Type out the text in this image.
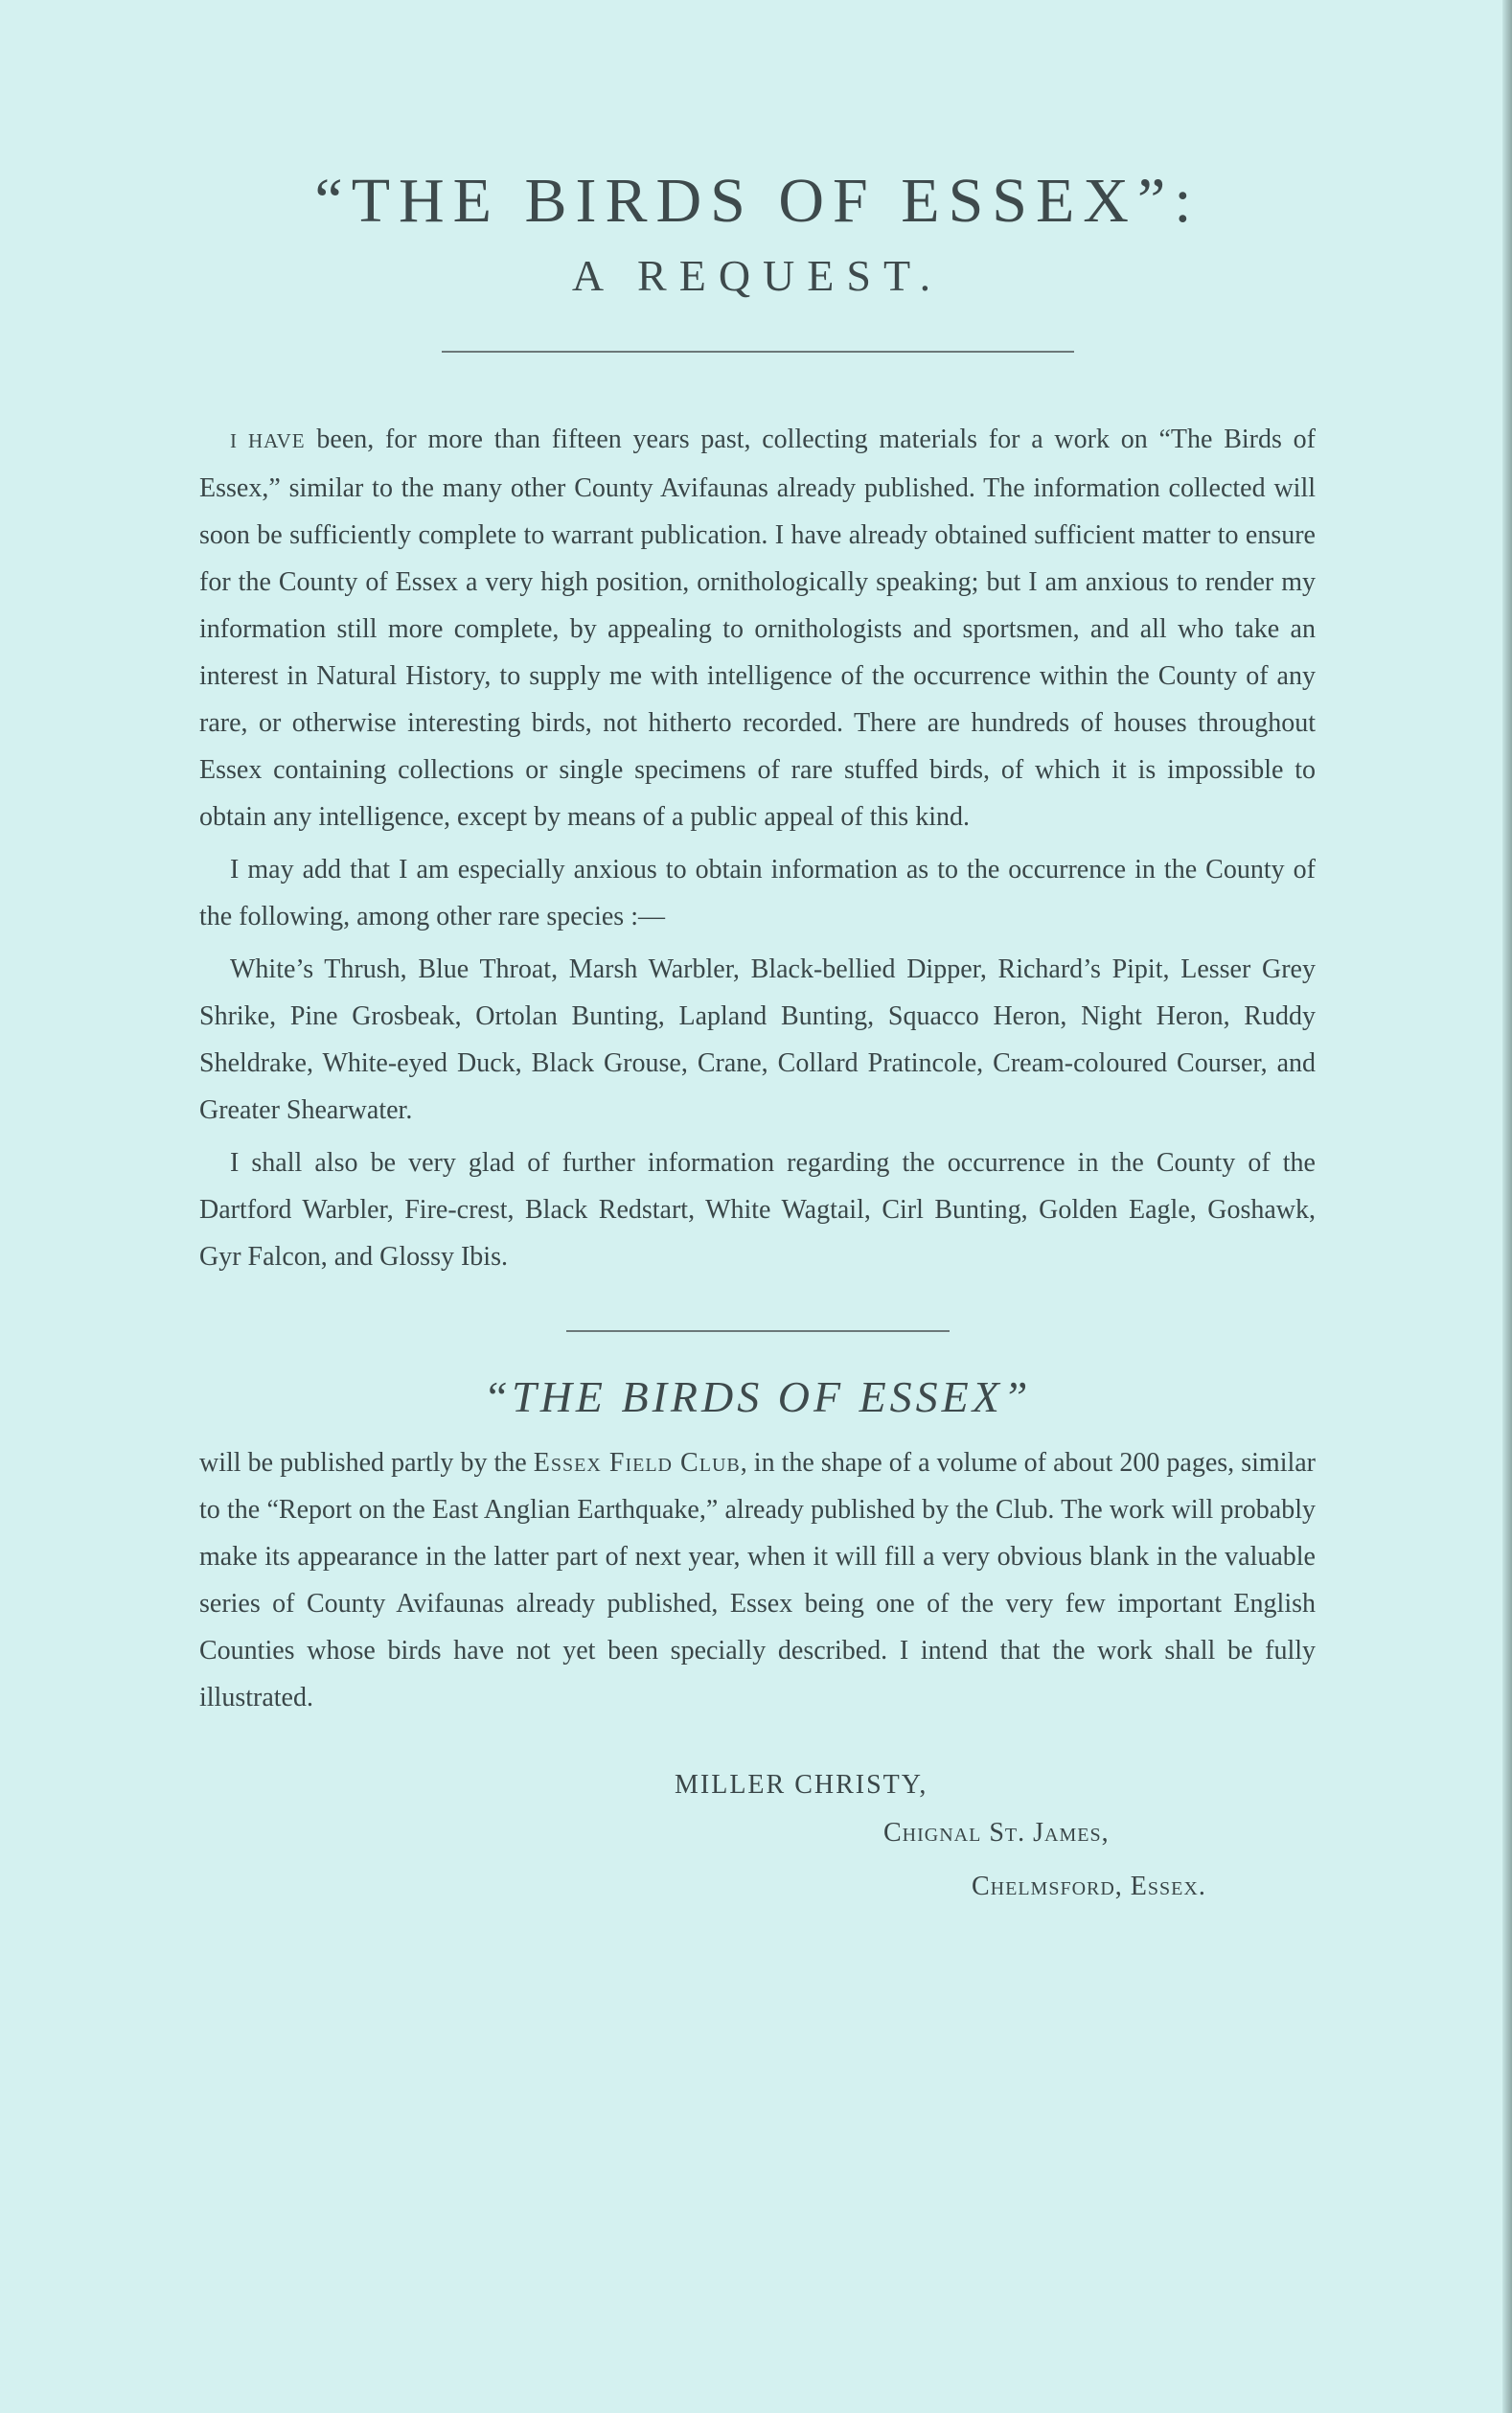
“THE BIRDS OF ESSEX”:
A REQUEST.

I HAVE been, for more than fifteen years past, collecting materials for a work on “The Birds of Essex,” similar to the many other County Avifaunas already published. The information collected will soon be sufficiently complete to warrant publication. I have already obtained sufficient matter to ensure for the County of Essex a very high position, ornithologically speaking; but I am anxious to render my information still more complete, by appealing to ornithologists and sportsmen, and all who take an interest in Natural History, to supply me with intelligence of the occurrence within the County of any rare, or otherwise interesting birds, not hitherto recorded. There are hundreds of houses throughout Essex containing collections or single specimens of rare stuffed birds, of which it is impossible to obtain any intelligence, except by means of a public appeal of this kind.

I may add that I am especially anxious to obtain information as to the occurrence in the County of the following, among other rare species :—

White’s Thrush, Blue Throat, Marsh Warbler, Black-bellied Dipper, Richard’s Pipit, Lesser Grey Shrike, Pine Grosbeak, Ortolan Bunting, Lapland Bunting, Squacco Heron, Night Heron, Ruddy Sheldrake, White-eyed Duck, Black Grouse, Crane, Collard Pratincole, Cream-coloured Courser, and Greater Shearwater.

I shall also be very glad of further information regarding the occurrence in the County of the Dartford Warbler, Fire-crest, Black Redstart, White Wagtail, Cirl Bunting, Golden Eagle, Goshawk, Gyr Falcon, and Glossy Ibis.

“THE BIRDS OF ESSEX”

will be published partly by the Essex Field Club, in the shape of a volume of about 200 pages, similar to the “Report on the East Anglian Earthquake,” already published by the Club. The work will probably make its appearance in the latter part of next year, when it will fill a very obvious blank in the valuable series of County Avifaunas already published, Essex being one of the very few important English Counties whose birds have not yet been specially described. I intend that the work shall be fully illustrated.

MILLER CHRISTY,
Chignal St. James,
Chelmsford, Essex.
